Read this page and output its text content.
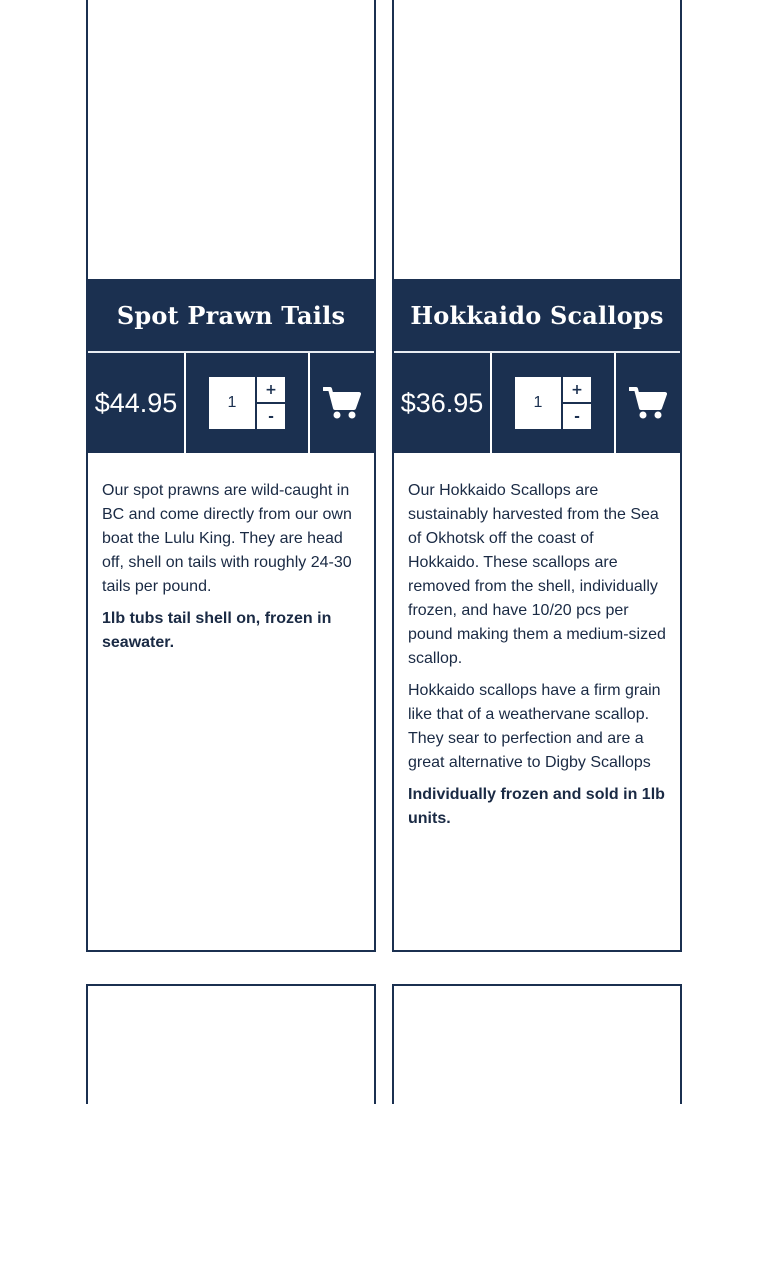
Spot Prawn Tails
$44.95
1	+
-

Our spot prawns are wild-caught in BC and come directly from our own boat the Lulu King. They are head off, shell on tails with roughly 24-30 tails per pound.

1lb tubs tail shell on, frozen in seawater.

Hokkaido Scallops
$36.95
1	+
-

Our Hokkaido Scallops are sustainably harvested from the Sea of Okhotsk off the coast of Hokkaido. These scallops are removed from the shell, individually frozen, and have 10/20 pcs per pound making them a medium-sized scallop.

Hokkaido scallops have a firm grain like that of a weathervane scallop. They sear to perfection and are a great alternative to Digby Scallops

Individually frozen and sold in 1lb units.
